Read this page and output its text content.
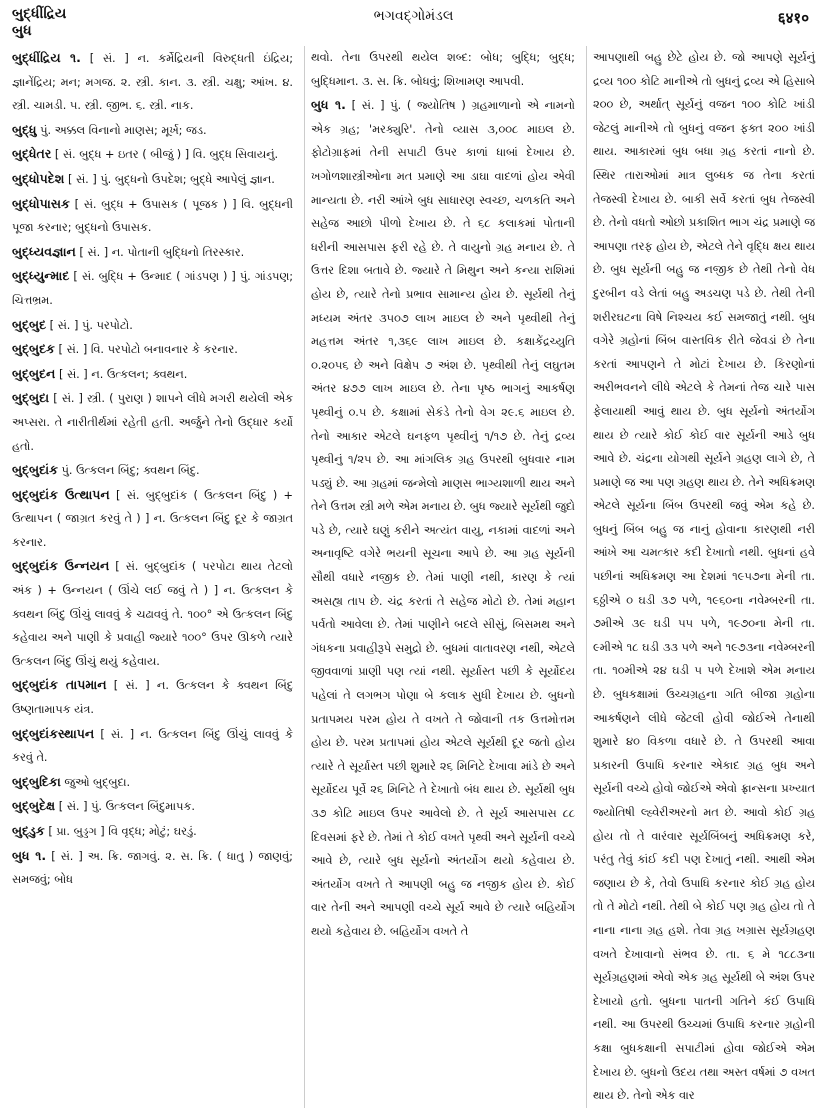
બુદ્ધીંદ્રિય
બુધ
ભગવદ્ગોમંડલ	६४१०

બુદ્ધીંદ્રિય ૧. [ સં. ] ન. કર્મેદ્રિયની વિરુદ્ધતી ઇંદ્રિય; જ્ઞાનેંદ્રિય; મન; મગજ. ૨. સ્ત્રી. કાન. ૩. સ્ત્રી. ચક્ષુ; આંખ. ૪. સ્ત્રી. ચામડી. ૫. સ્ત્રી. જીભ. ૬. સ્ત્રી. નાક.

બુદ્ધુ પું. અક્કલ વિનાનો માણસ; મૂર્ખ; જડ.

બુદ્ધેતર [ સં. બુદ્ધ + ઇતર ( બીજું ) ] વિ. બુદ્ધ સિવાયનું.

બુદ્ધોપદેશ [ સં. ] પું. બુદ્ધનો ઉપદેશ; બુદ્ધે આપેલું જ્ઞાન.

બુદ્ધોપાસક [ સં. બુદ્ધ + ઉપાસક ( પૂજક ) ] વિ. બુદ્ધની પૂજા કરનાર; બુદ્ધનો ઉપાસક.

બુદ્ધ્યવજ્ઞાન [ સં. ] ન. પોતાની બુદ્ધિનો તિરસ્કાર.

બુદ્ધ્યુન્માદ [ સં. બુદ્ધિ + ઉન્માદ ( ગાંડપણ ) ] પું. ગાંડપણ; ચિત્તભ્રમ.

બુદ્બુદ [ સં. ] પું. પરપોટો.

બુદ્બુદક [ સં. ] વિ. પરપોટો બનાવનાર કે કરનાર.

બુદ્બુદન [ સં. ] ન. ઉત્કલન; ક્વથન.

બુદ્બુદા [ સં. ] સ્ત્રી. ( પુરાણ ) શાપને લીધે મગરી થયેલી એક અપ્સરા. તે નારીતીર્થમાં રહેતી હતી. અર્જુને તેનો ઉદ્ધાર કર્યો હતો.

બુદ્બુદાંક પું. ઉત્કલન બિંદુ; ક્વથન બિંદુ.

બુદ્બુદાંક ઉત્થાપન [ સં. બુદ્બુદાંક ( ઉત્કલન બિંદુ ) + ઉત્થાપન ( જાગ્રત કરવું તે ) ] ન. ઉત્કલન બિંદુ દૂર કે જાગ્રત કરનાર.

બુદ્બુદાંક ઉન્નયન [ સં. બુદ્બુદાંક ( પરપોટા થાય તેટલો અંક ) + ઉન્નયન ( ઊંચે લઈ જવું તે ) ] ન. ઉત્કલન કે ક્વથન બિંદુ ઊંચું લાવવું કે ચઢાવવું તે. ૧૦૦° એ ઉત્કલન બિંદુ કહેવાય અને પાણી કે પ્રવાહી જ્યારે ૧૦૦° ઉપર ઊકળે ત્યારે ઉત્કલન બિંદુ ઊંચું થયું કહેવાય.

બુદ્બુદાંક તાપમાન [ સં. ] ન. ઉત્કલન કે ક્વથન બિંદુ ઉષ્ણતામાપક યંત્ર.

બુદ્બુદાંકસ્થાપન [ સં. ] ન. ઉત્કલન બિંદુ ઊંચું લાવવું કે કરવું તે.

બુદ્બુદિકા જુઓ બુદ્બુદા.

બુદ્બુદેક્ષ [ સં. ] પું. ઉત્કલન બિંદુમાપક.

બુદ્ડુક [ પ્રા. બુડ્ડગ ] વિ વૃદ્ધ; મોટું; ઘરડું.

બુધ ૧. [ સં. ] અ. ક્રિ. જાગવું. ૨. સ. ક્રિ. ( ધાતુ ) જાણવું; સમજવું; બોધ

થવો. તેના ઉપરથી થયેલ શબ્દ: બોધ; બુદ્ધિ; બુદ્ધ; બુદ્ધિમાન. ૩. સ. ક્રિ. બોધવું; શિખામણ આપવી.

બુધ ૧. [ સં. ] પું. ( જ્યોતિષ ) ગ્રહમાળાનો એ નામનો એક ગ્રહ; 'મરક્યુરિ'. તેનો વ્યાસ ૩,૦૦૮ માઇલ છે. ફોટોગ્રાફમાં તેની સપાટી ઉપર કાળાં ધાબાં દેખાય છે. ખગોળશાસ્ત્રીઓના મત પ્રમાણે આ ડાઘા વાદળાં હોય એવી માન્યતા છે. નરી આંખે બુધ સાધારણ સ્વચ્છ, ચળકતિ અને સહેજ આછો પીળો દેખાય છે. તે ૬૮ કલાકમાં પોતાની ધરીની આસપાસ ફરી રહે છે. તે વાયુનો ગ્રહ મનાય છે. તે ઉત્તર દિશા બતાવે છે. જ્યારે તે મિથુન અને કન્યા રાશિમાં હોય છે, ત્યારે તેનો પ્રભાવ સામાન્ય હોય છે. સૂર્યથી તેનું મધ્યમ અંતર ૩૫૦૭ લાખ માઇલ છે અને પૃથ્વીથી તેનું મહત્તમ અંતર ૧,૩૬૯ લાખ માઇલ છે. કક્ષાકેંદ્રચ્યુતિ ૦.૨૦૫૬ છે અને વિક્ષેપ ૭ અંશ છે. પૃથ્વીથી તેનું લઘુતમ અંતર ૪૭૭ લાખ માઇલ છે. તેના પૃષ્ઠ ભાગનું આકર્ષણ પૃથ્વીનું ૦.૫ છે. કક્ષામાં સેકંડે તેનો વેગ ૨૯.૬ માઇલ છે. તેનો આકાર એટલે ઘનફળ પૃથ્વીનું ૧/૧૭ છે. તેનું દ્રવ્ય પૃથ્વીનું ૧/૨૫ છે. આ માંગલિક ગ્રહ ઉપરથી બુધવાર નામ પડ્યું છે. આ ગ્રહમાં જન્મેલો માણસ ભાગ્યશાળી થાય અને તેને ઉત્તમ સ્ત્રી મળે એમ મનાય છે. બુધ જ્યારે સૂર્યથી જુદો પડે છે, ત્યારે ઘણું કરીને અત્યંત વાયુ, નકામાં વાદળાં અને અનાવૃષ્ટિ વગેરે ભયની સૂચના આપે છે. આ ગ્રહ સૂર્યની સૌથી વધારે નજીક છે. તેમાં પાણી નથી, કારણ કે ત્યાં અસહ્ય તાપ છે. ચંદ્ર કરતાં તે સહેજ મોટો છે. તેમાં મહાન પર્વતો આવેલા છે. તેમાં પાણીને બદલે સીસું, બિસમથ અને ગંધકના પ્રવાહીરૂપે સમુદ્રો છે. બુધમાં વાતાવરણ નથી, એટલે જીવવાળાં પ્રાણી પણ ત્યાં નથી. સૂર્યાસ્ત પછી કે સૂર્યોદય પહેલાં તે લગભગ પોણા બે કલાક સુધી દેખાય છે. બુધનો પ્રતાપમય પરમ હોય તે વખતે તે જોવાની તક ઉત્તમોત્તમ હોય છે. પરમ પ્રતાપમાં હોય એટલે સૂર્યથી દૂર જતો હોય ત્યારે તે સૂર્યાસ્ત પછી શુમારે ૨૬ મિનિટે દેખાવા માંડે છે અને સૂર્યોદય પૂર્વે ૨૬ મિનિટે તે દેખાતો બંધ થાય છે. સૂર્યથી બુધ ૩૭ કોટિ માઇલ ઉપર આવેલો છે. તે સૂર્ય આસપાસ ૮૮ દિવસમાં ફરે છે. તેમાં તે કોઈ વખતે પૃથ્વી અને સૂર્યની વચ્ચે આવે છે, ત્યારે બુધ સૂર્યનો અંતર્યોગ થયો કહેવાય છે. અંતર્યોગ વખતે તે આપણી બહુ જ નજીક હોય છે. કોઈ વાર તેની અને આપણી વચ્ચે સૂર્ય આવે છે ત્યારે બહિર્યોગ થયો કહેવાય છે. બહિર્યોગ વખતે તે

આપણાથી બહુ છેટે હોય છે. જો આપણે સૂર્યનું દ્રવ્ય ૧૦૦ કોટિ માનીએ તો બુધનું દ્રવ્ય એ હિસાબે ૨૦૦ છે, અર્થાત્ સૂર્યનું વજન ૧૦૦ કોટિ ખાંડી જેટલું માનીએ તો બુધનું વજન ફક્ત ૨૦૦ ખાંડી થાય. આકારમાં બુધ બધા ગ્રહ કરતાં નાનો છે. સ્થિર તારાઓમાં માત્ર લુબ્ધક જ તેના કરતાં તેજસ્વી દેખાય છે. બાકી સર્વે કરતાં બુધ તેજસ્વી છે. તેનો વધતો ઓછો પ્રકાશિત ભાગ ચંદ્ર પ્રમાણે જ આપણા તરફ હોય છે, એટલે તેને વૃદ્ધિ ક્ષય થાય છે. બુધ સૂર્યની બહુ જ નજીક છે તેથી તેનો વેધ દુરબીન વડે લેતાં બહુ અડચણ પડે છે. તેથી તેની શરીરઘટના વિષે નિશ્ચય કઈ સમજાતું નથી. બુધ વગેરે ગ્રહોનાં બિંબ વાસ્તવિક રીતે જેવડાં છે તેના કરતાં આપણને તે મોટાં દેખાય છે. કિરણોનાં અરીભવનને લીધે એટલે કે તેમનાં તેજ ચારે પાસ ફેલાયાથી આવું થાય છે. બુધ સૂર્યનો અંતર્યોગ થાય છે ત્યારે કોઈ કોઈ વાર સૂર્યની આડે બુધ આવે છે. ચંદ્રના યોગથી સૂર્યને ગ્રહણ લાગે છે, તે પ્રમાણે જ આ પણ ગ્રહણ થાય છે. તેને અધિક્રમણ એટલે સૂર્યના બિંબ ઉપરથી જવું એમ કહે છે. બુધનું બિંબ બહુ જ નાનું હોવાના કારણથી નરી આંખે આ ચમત્કાર કદી દેખાતો નથી. બુધનાં હવે પછીનાં અધિક્રમણ આ દેશમાં ૧૯૫૭ના મેની તા. ૬ઠ્ઠીએ ૦ ઘડી ૩૭ પળે, ૧૯૬૦ના નવેમ્બરની તા. ૭મીએ ૩૯ ઘડી ૫૫ પળે, ૧૯૭૦ના મેની તા. ૯મીએ ૧૮ ઘડી ૩૩ પળે અને ૧૯૭૩ના નવેમ્બરની તા. ૧૦મીએ ૨૪ ઘડી ૫ પળે દેખાશે એમ મનાય છે. બુધકક્ષામાં ઉચ્ચગ્રહના ગતિ બીજા ગ્રહોના આકર્ષણને લીધે જેટલી હોવી જોઈએ તેનાથી શુમારે ૪૦ વિકળા વધારે છે. તે ઉપરથી આવા પ્રકારની ઉપાધિ કરનાર એકાદ ગ્રહ બુધ અને સૂર્યની વચ્ચે હોવો જોઈએ એવો ફ્રાન્સના પ્રખ્યાત જ્યોતિષી લ્હ્વેરીઅરનો મત છે. આવો કોઈ ગ્રહ હોય તો તે વારંવાર સૂર્યબિંબનું અધિક્રમણ કરે, પરંતુ તેવું કાંઈ કદી પણ દેખાતું નથી. આથી એમ જણાય છે કે, તેવો ઉપાધિ કરનાર કોઈ ગ્રહ હોય તો તે મોટો નથી. તેથી બે કોઈ પણ ગ્રહ હોય તો તે નાના નાના ગ્રહ હશે. તેવા ગ્રહ ખગ્રાસ સૂર્યગ્રહણ વખતે દેખાવાનો સંભવ છે. તા. ૬ મે ૧૮૮૩ના સૂર્યગ્રહણમાં એવો એક ગ્રહ સૂર્યથી બે અંશ ઉપર દેખાયો હતો. બુધના પાતની ગતિને કંઈ ઉપાધિ નથી. આ ઉપરથી ઉચ્ચમાં ઉપાધિ કરનાર ગ્રહોની કક્ષા બુધકક્ષાની સપાટીમાં હોવા જોઈએ એમ દેખાય છે. બુધનો ઉદય તથા અસ્ત વર્ષમાં ૭ વખત થાય છે. તેનો એક વાર
